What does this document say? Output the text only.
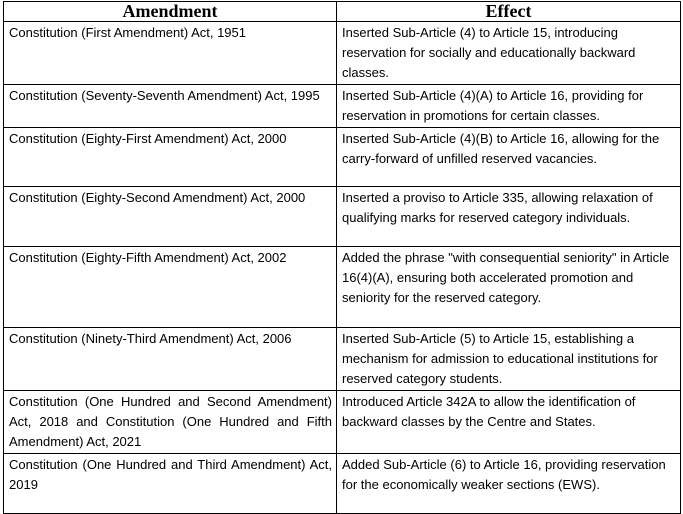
Amendment	Effect
Constitution (First Amendment) Act, 1951	Inserted Sub-Article (4) to Article 15, introducing reservation for socially and educationally backward classes.
Constitution (Seventy-Seventh Amendment) Act, 1995	Inserted Sub-Article (4)(A) to Article 16, providing for reservation in promotions for certain classes.
Constitution (Eighty-First Amendment) Act, 2000	Inserted Sub-Article (4)(B) to Article 16, allowing for the carry-forward of unfilled reserved vacancies.
Constitution (Eighty-Second Amendment) Act, 2000	Inserted a proviso to Article 335, allowing relaxation of qualifying marks for reserved category individuals.
Constitution (Eighty-Fifth Amendment) Act, 2002	Added the phrase "with consequential seniority" in Article 16(4)(A), ensuring both accelerated promotion and seniority for the reserved category.
Constitution (Ninety-Third Amendment) Act, 2006	Inserted Sub-Article (5) to Article 15, establishing a mechanism for admission to educational institutions for reserved category students.
Constitution (One Hundred and Second Amendment) Act, 2018 and Constitution (One Hundred and Fifth Amendment) Act, 2021	Introduced Article 342A to allow the identification of backward classes by the Centre and States.
Constitution (One Hundred and Third Amendment) Act, 2019	Added Sub-Article (6) to Article 16, providing reservation for the economically weaker sections (EWS).
